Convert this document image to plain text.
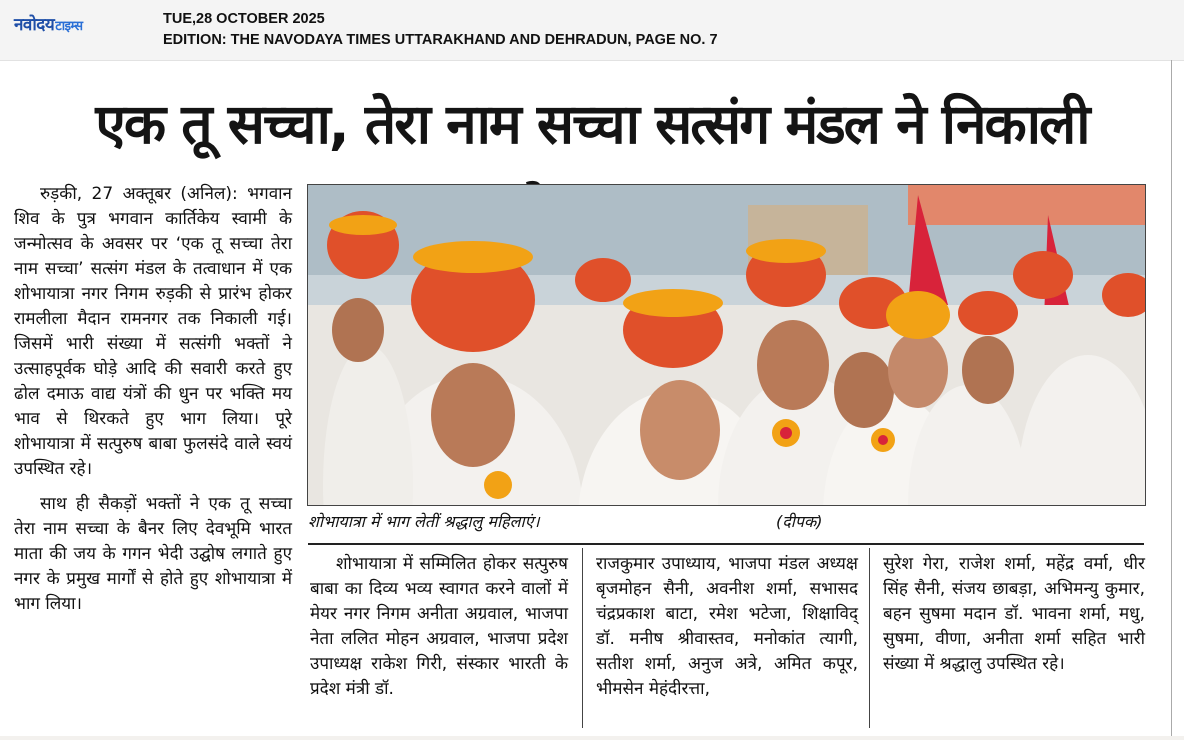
नवोदयटाइम्स	TUE,28 OCTOBER 2025
EDITION: THE NAVODAYA TIMES UTTARAKHAND AND DEHRADUN, PAGE NO. 7
एक तू सच्चा, तेरा नाम सच्चा सत्संग मंडल ने निकाली

रुड़की, 27 अक्तूबर (अनिल): भगवान शिव के पुत्र भगवान कार्तिकेय स्वामी के जन्मोत्सव के अवसर पर ‘एक तू सच्चा तेरा नाम सच्चा’ सत्संग मंडल के तत्वाधान में एक शोभायात्रा नगर निगम रुड़की से प्रारंभ होकर रामलीला मैदान रामनगर तक निकाली गई। जिसमें भारी संख्या में सत्संगी भक्तों ने उत्साहपूर्वक घोड़े आदि की सवारी करते हुए ढोल दमाऊ वाद्य यंत्रों की धुन पर भक्ति मय भाव से थिरकते हुए भाग लिया। पूरे शोभायात्रा में सत्पुरुष बाबा फुलसंदे वाले स्वयं उपस्थित रहे।

साथ ही सैकड़ों भक्तों ने एक तू सच्चा तेरा नाम सच्चा के बैनर लिए देवभूमि भारत माता की जय के गगन भेदी उद्घोष लगाते हुए नगर के प्रमुख मार्गों से होते हुए शोभायात्रा में भाग लिया।

शोभायात्रा में भाग लेतीं श्रद्धालु महिलाएं।	(दीपक)

शोभायात्रा में सम्मिलित होकर सत्पुरुष बाबा का दिव्य भव्य स्वागत करने वालों में मेयर नगर निगम अनीता अग्रवाल, भाजपा नेता ललित मोहन अग्रवाल, भाजपा प्रदेश उपाध्यक्ष राकेश गिरी, संस्कार भारती के प्रदेश मंत्री डॉ.

राजकुमार उपाध्याय, भाजपा मंडल अध्यक्ष बृजमोहन सैनी, अवनीश शर्मा, सभासद चंद्रप्रकाश बाटा, रमेश भटेजा, शिक्षाविद् डॉ. मनीष श्रीवास्तव, मनोकांत त्यागी, सतीश शर्मा, अनुज अत्रे, अमित कपूर, भीमसेन मेहंदीरत्ता,

सुरेश गेरा, राजेश शर्मा, महेंद्र वर्मा, धीर सिंह सैनी, संजय छाबड़ा, अभिमन्यु कुमार, बहन सुषमा मदान डॉ. भावना शर्मा, मधु, सुषमा, वीणा, अनीता शर्मा सहित भारी संख्या में श्रद्धालु उपस्थित रहे।
